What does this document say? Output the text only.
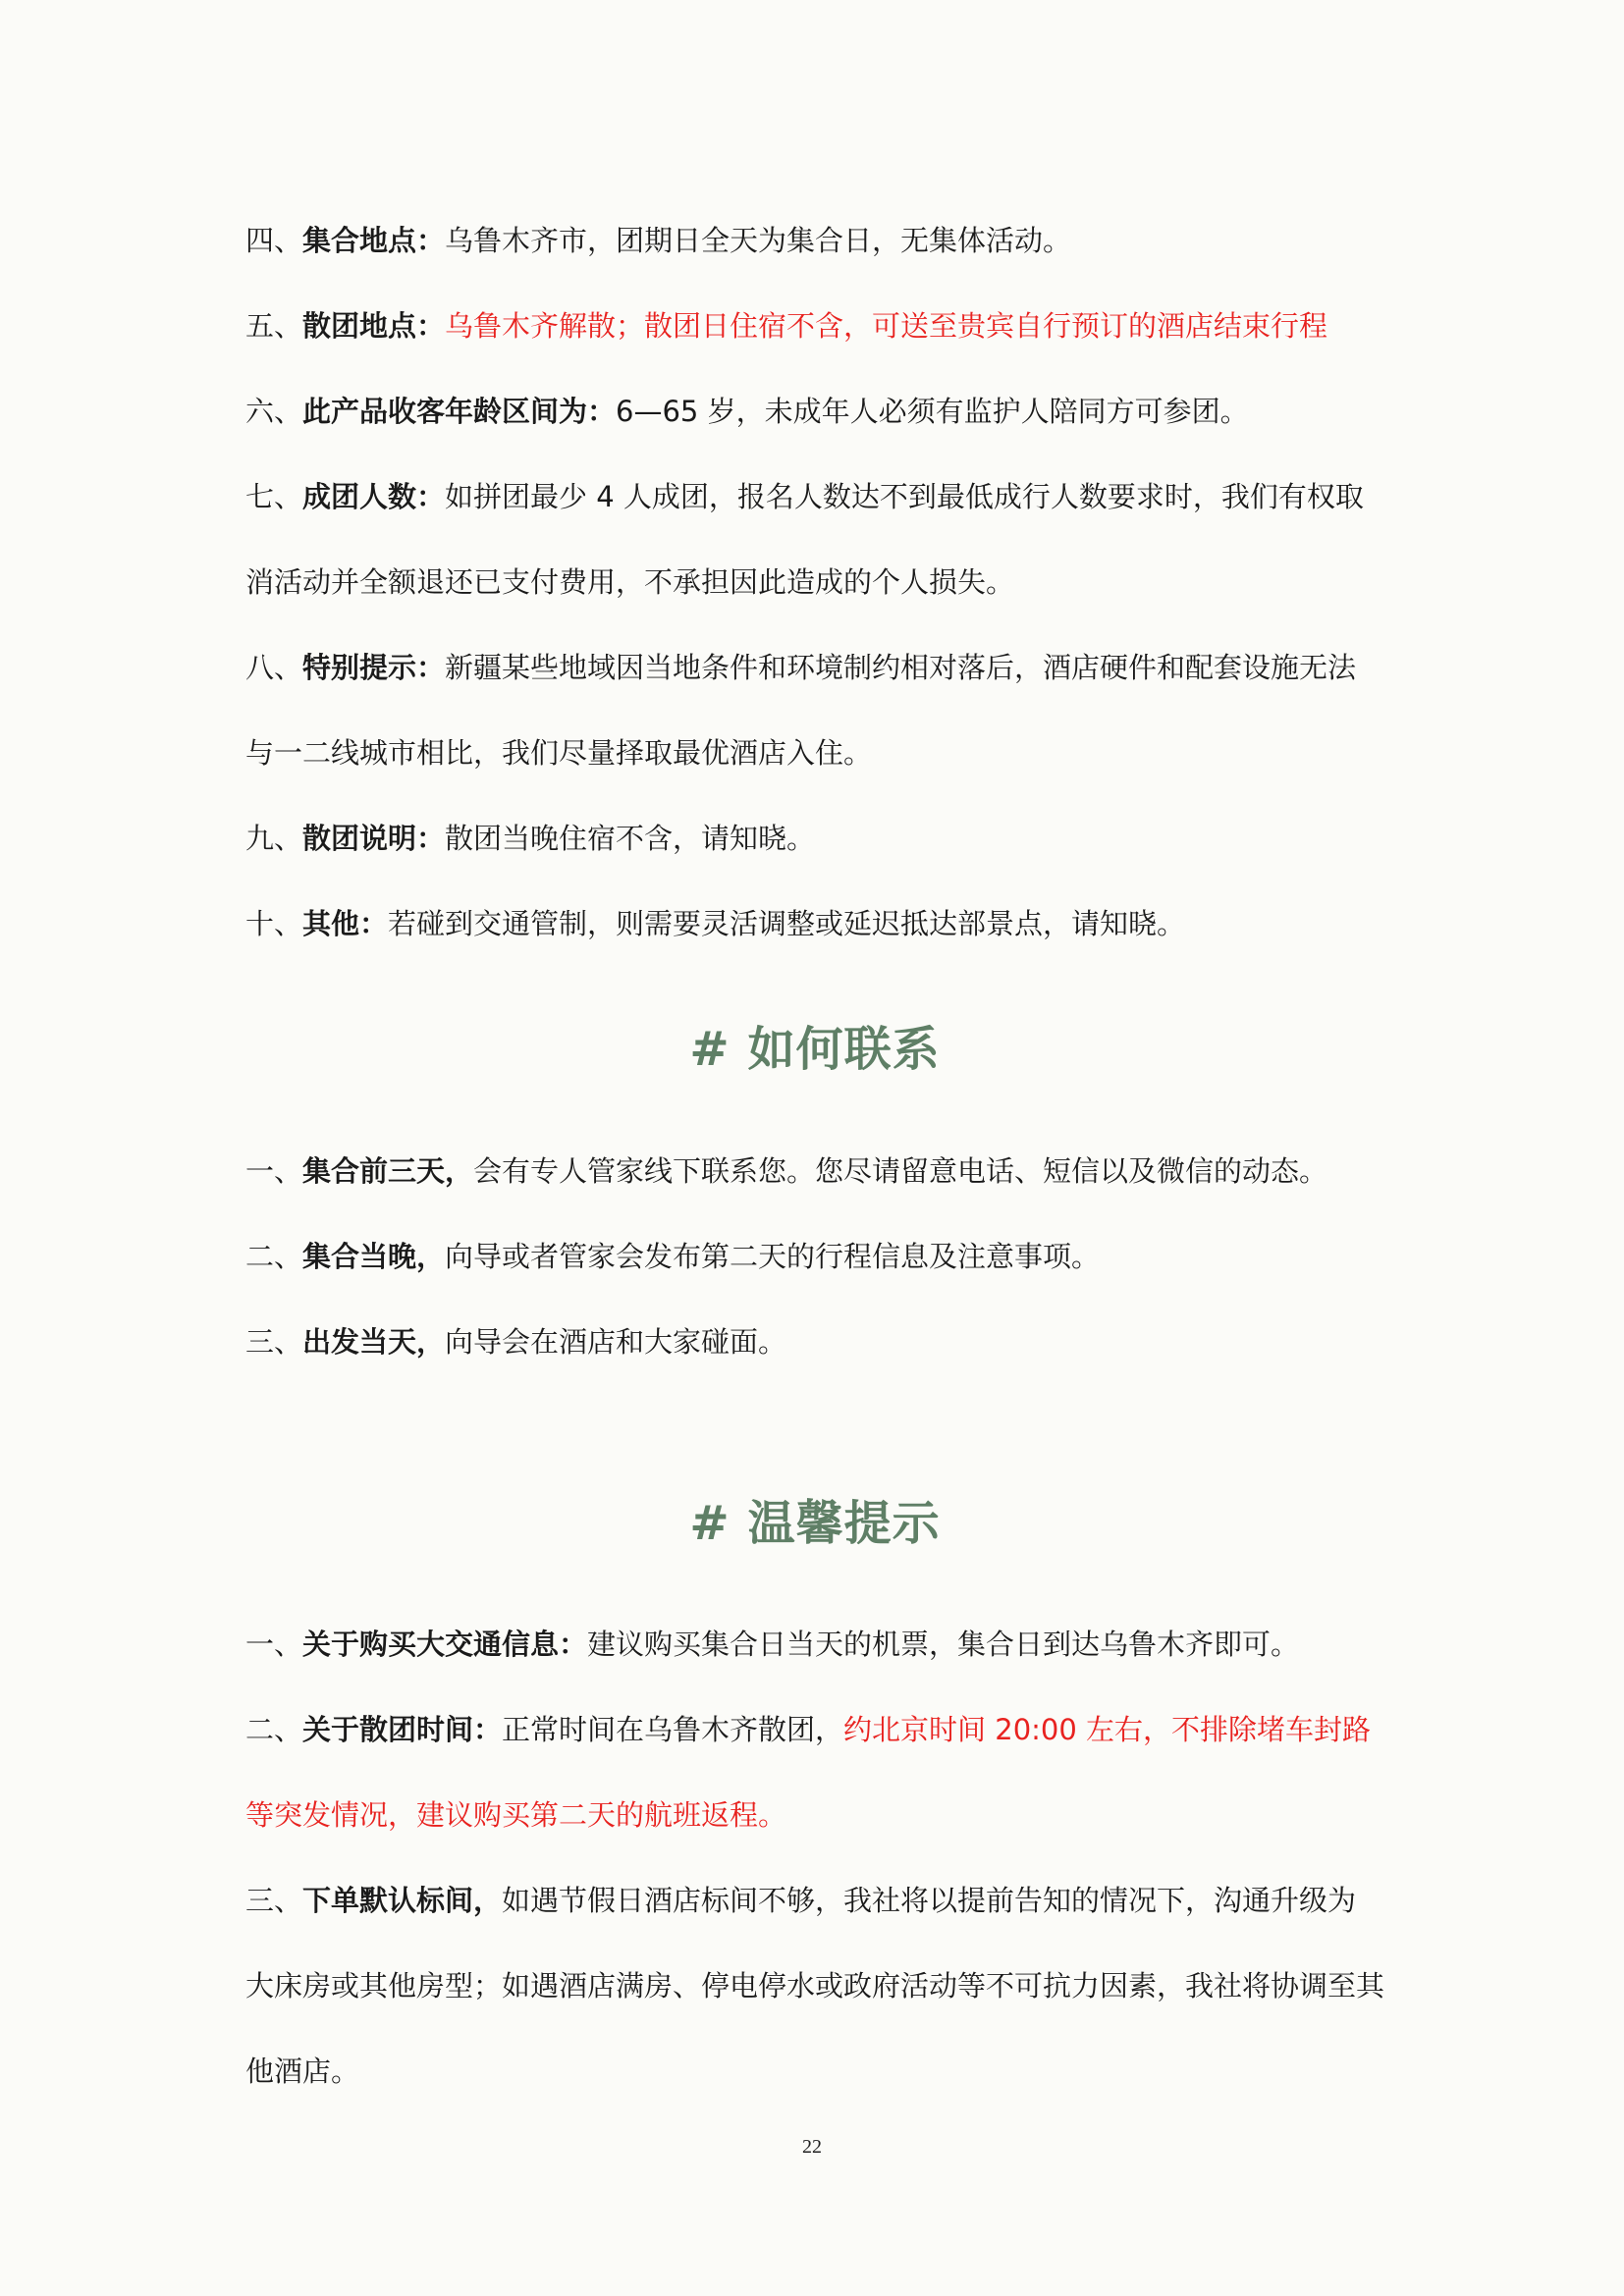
四、集合地点：乌鲁木齐市，团期日全天为集合日，无集体活动。

五、散团地点：乌鲁木齐解散；散团日住宿不含，可送至贵宾自行预订的酒店结束行程

六、此产品收客年龄区间为：6—65 岁，未成年人必须有监护人陪同方可参团。

七、成团人数：如拼团最少 4 人成团，报名人数达不到最低成行人数要求时，我们有权取消活动并全额退还已支付费用，不承担因此造成的个人损失。

八、特别提示：新疆某些地域因当地条件和环境制约相对落后，酒店硬件和配套设施无法与一二线城市相比，我们尽量择取最优酒店入住。

九、散团说明：散团当晚住宿不含，请知晓。

十、其他：若碰到交通管制，则需要灵活调整或延迟抵达部景点，请知晓。

# 如何联系

一、集合前三天，会有专人管家线下联系您。您尽请留意电话、短信以及微信的动态。

二、集合当晚，向导或者管家会发布第二天的行程信息及注意事项。

三、出发当天，向导会在酒店和大家碰面。

# 温馨提示

一、关于购买大交通信息：建议购买集合日当天的机票，集合日到达乌鲁木齐即可。

二、关于散团时间：正常时间在乌鲁木齐散团，约北京时间 20:00 左右，不排除堵车封路等突发情况，建议购买第二天的航班返程。

三、下单默认标间，如遇节假日酒店标间不够，我社将以提前告知的情况下，沟通升级为大床房或其他房型；如遇酒店满房、停电停水或政府活动等不可抗力因素，我社将协调至其他酒店。

22
